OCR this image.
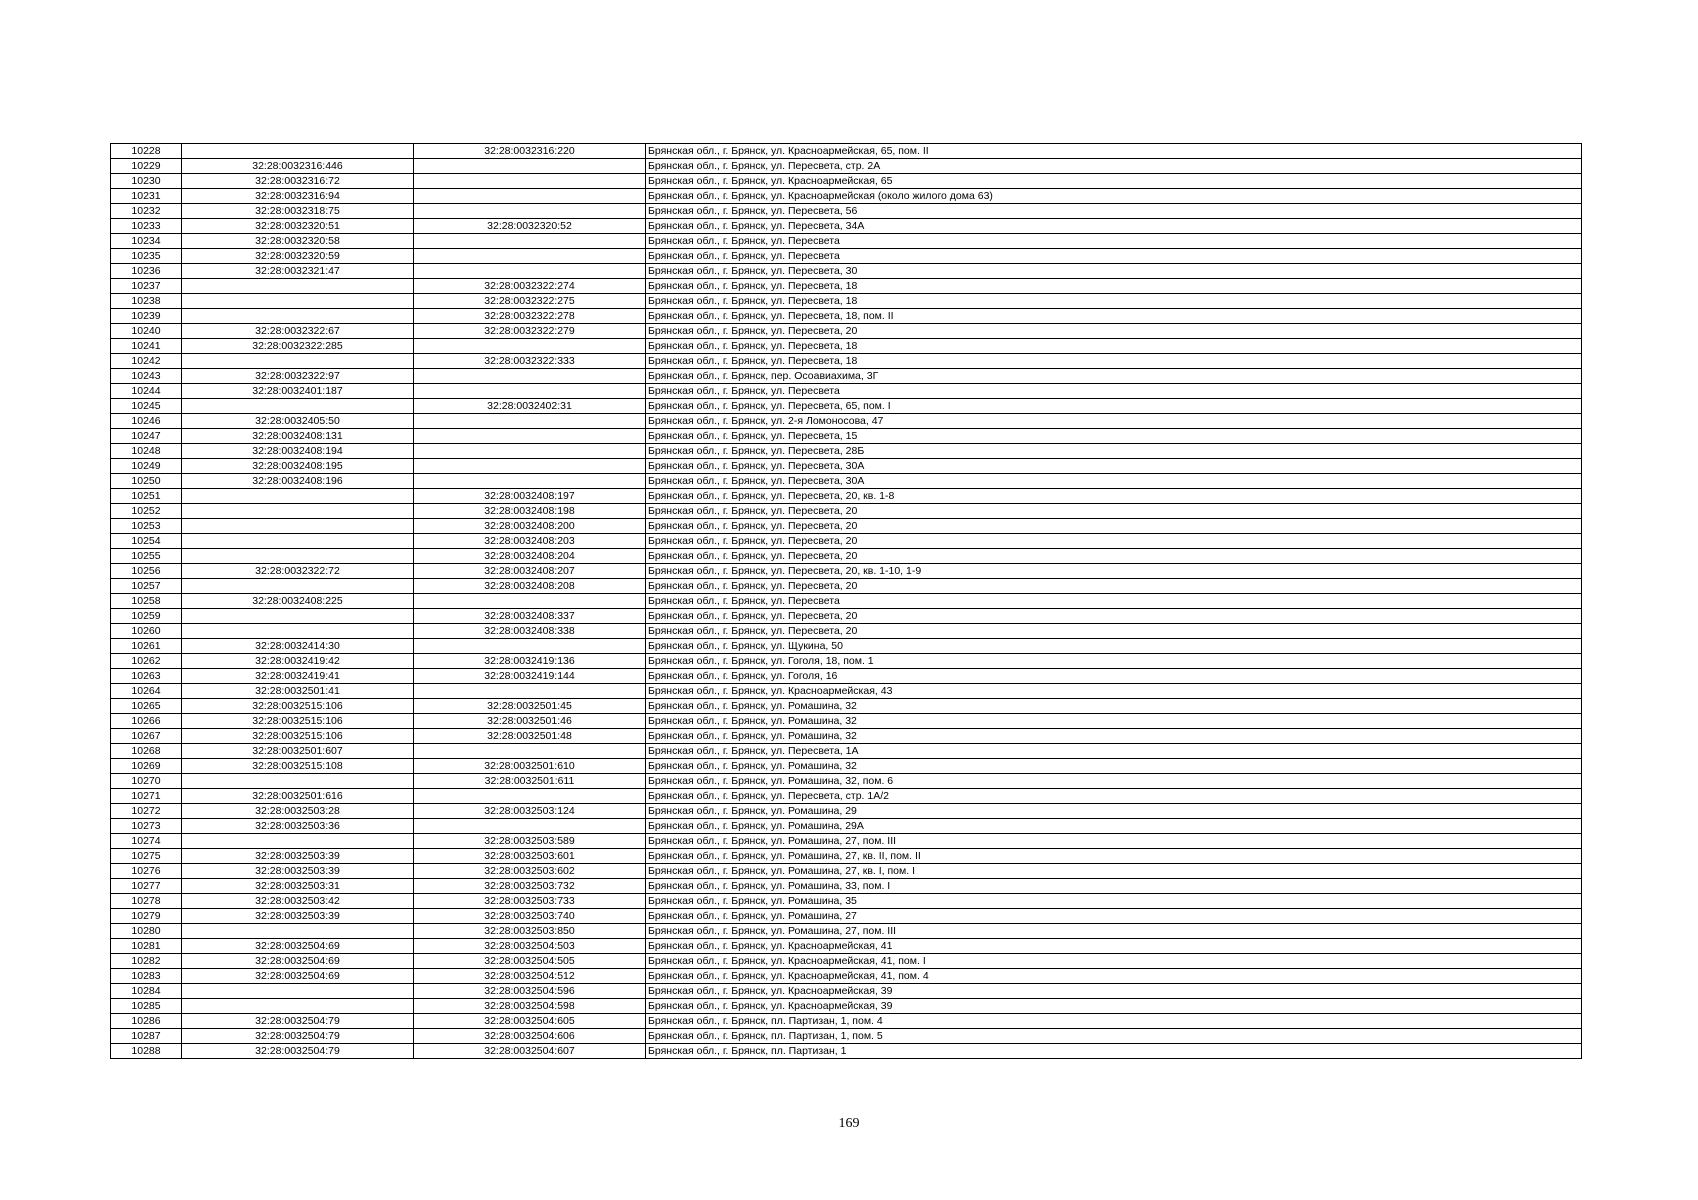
10228		32:28:0032316:220	Брянская обл., г. Брянск, ул. Красноармейская, 65, пом. II
10229	32:28:0032316:446		Брянская обл., г. Брянск, ул. Пересвета, стр. 2А
10230	32:28:0032316:72		Брянская обл., г. Брянск, ул. Красноармейская, 65
10231	32:28:0032316:94		Брянская обл., г. Брянск, ул. Красноармейская (около жилого дома 63)
10232	32:28:0032318:75		Брянская обл., г. Брянск, ул. Пересвета, 56
10233	32:28:0032320:51	32:28:0032320:52	Брянская обл., г. Брянск, ул. Пересвета, 34А
10234	32:28:0032320:58		Брянская обл., г. Брянск, ул. Пересвета
10235	32:28:0032320:59		Брянская обл., г. Брянск, ул. Пересвета
10236	32:28:0032321:47		Брянская обл., г. Брянск, ул. Пересвета, 30
10237		32:28:0032322:274	Брянская обл., г. Брянск, ул. Пересвета, 18
10238		32:28:0032322:275	Брянская обл., г. Брянск, ул. Пересвета, 18
10239		32:28:0032322:278	Брянская обл., г. Брянск, ул. Пересвета, 18, пом. II
10240	32:28:0032322:67	32:28:0032322:279	Брянская обл., г. Брянск, ул. Пересвета, 20
10241	32:28:0032322:285		Брянская обл., г. Брянск, ул. Пересвета, 18
10242		32:28:0032322:333	Брянская обл., г. Брянск, ул. Пересвета, 18
10243	32:28:0032322:97		Брянская обл., г. Брянск, пер. Осоавиахима, 3Г
10244	32:28:0032401:187		Брянская обл., г. Брянск, ул. Пересвета
10245		32:28:0032402:31	Брянская обл., г. Брянск, ул. Пересвета, 65, пом. I
10246	32:28:0032405:50		Брянская обл., г. Брянск, ул. 2-я Ломоносова, 47
10247	32:28:0032408:131		Брянская обл., г. Брянск, ул. Пересвета, 15
10248	32:28:0032408:194		Брянская обл., г. Брянск, ул. Пересвета, 28Б
10249	32:28:0032408:195		Брянская обл., г. Брянск, ул. Пересвета, 30А
10250	32:28:0032408:196		Брянская обл., г. Брянск, ул. Пересвета, 30А
10251		32:28:0032408:197	Брянская обл., г. Брянск, ул. Пересвета, 20, кв. 1-8
10252		32:28:0032408:198	Брянская обл., г. Брянск, ул. Пересвета, 20
10253		32:28:0032408:200	Брянская обл., г. Брянск, ул. Пересвета, 20
10254		32:28:0032408:203	Брянская обл., г. Брянск, ул. Пересвета, 20
10255		32:28:0032408:204	Брянская обл., г. Брянск, ул. Пересвета, 20
10256	32:28:0032322:72	32:28:0032408:207	Брянская обл., г. Брянск, ул. Пересвета, 20, кв. 1-10, 1-9
10257		32:28:0032408:208	Брянская обл., г. Брянск, ул. Пересвета, 20
10258	32:28:0032408:225		Брянская обл., г. Брянск, ул. Пересвета
10259		32:28:0032408:337	Брянская обл., г. Брянск, ул. Пересвета, 20
10260		32:28:0032408:338	Брянская обл., г. Брянск, ул. Пересвета, 20
10261	32:28:0032414:30		Брянская обл., г. Брянск, ул. Щукина, 50
10262	32:28:0032419:42	32:28:0032419:136	Брянская обл., г. Брянск, ул. Гоголя, 18, пом. 1
10263	32:28:0032419:41	32:28:0032419:144	Брянская обл., г. Брянск, ул. Гоголя, 16
10264	32:28:0032501:41		Брянская обл., г. Брянск, ул. Красноармейская, 43
10265	32:28:0032515:106	32:28:0032501:45	Брянская обл., г. Брянск, ул. Ромашина, 32
10266	32:28:0032515:106	32:28:0032501:46	Брянская обл., г. Брянск, ул. Ромашина, 32
10267	32:28:0032515:106	32:28:0032501:48	Брянская обл., г. Брянск, ул. Ромашина, 32
10268	32:28:0032501:607		Брянская обл., г. Брянск, ул. Пересвета, 1А
10269	32:28:0032515:108	32:28:0032501:610	Брянская обл., г. Брянск, ул. Ромашина, 32
10270		32:28:0032501:611	Брянская обл., г. Брянск, ул. Ромашина, 32, пом. 6
10271	32:28:0032501:616		Брянская обл., г. Брянск, ул. Пересвета, стр. 1А/2
10272	32:28:0032503:28	32:28:0032503:124	Брянская обл., г. Брянск, ул. Ромашина, 29
10273	32:28:0032503:36		Брянская обл., г. Брянск, ул. Ромашина, 29А
10274		32:28:0032503:589	Брянская обл., г. Брянск, ул. Ромашина, 27, пом. III
10275	32:28:0032503:39	32:28:0032503:601	Брянская обл., г. Брянск, ул. Ромашина, 27, кв. II, пом. II
10276	32:28:0032503:39	32:28:0032503:602	Брянская обл., г. Брянск, ул. Ромашина, 27, кв. I, пом. I
10277	32:28:0032503:31	32:28:0032503:732	Брянская обл., г. Брянск, ул. Ромашина, 33, пом. I
10278	32:28:0032503:42	32:28:0032503:733	Брянская обл., г. Брянск, ул. Ромашина, 35
10279	32:28:0032503:39	32:28:0032503:740	Брянская обл., г. Брянск, ул. Ромашина, 27
10280		32:28:0032503:850	Брянская обл., г. Брянск, ул. Ромашина, 27, пом. III
10281	32:28:0032504:69	32:28:0032504:503	Брянская обл., г. Брянск, ул. Красноармейская, 41
10282	32:28:0032504:69	32:28:0032504:505	Брянская обл., г. Брянск, ул. Красноармейская, 41, пом. I
10283	32:28:0032504:69	32:28:0032504:512	Брянская обл., г. Брянск, ул. Красноармейская, 41, пом. 4
10284		32:28:0032504:596	Брянская обл., г. Брянск, ул. Красноармейская, 39
10285		32:28:0032504:598	Брянская обл., г. Брянск, ул. Красноармейская, 39
10286	32:28:0032504:79	32:28:0032504:605	Брянская обл., г. Брянск, пл. Партизан, 1, пом. 4
10287	32:28:0032504:79	32:28:0032504:606	Брянская обл., г. Брянск, пл. Партизан, 1, пом. 5
10288	32:28:0032504:79	32:28:0032504:607	Брянская обл., г. Брянск, пл. Партизан, 1
169
